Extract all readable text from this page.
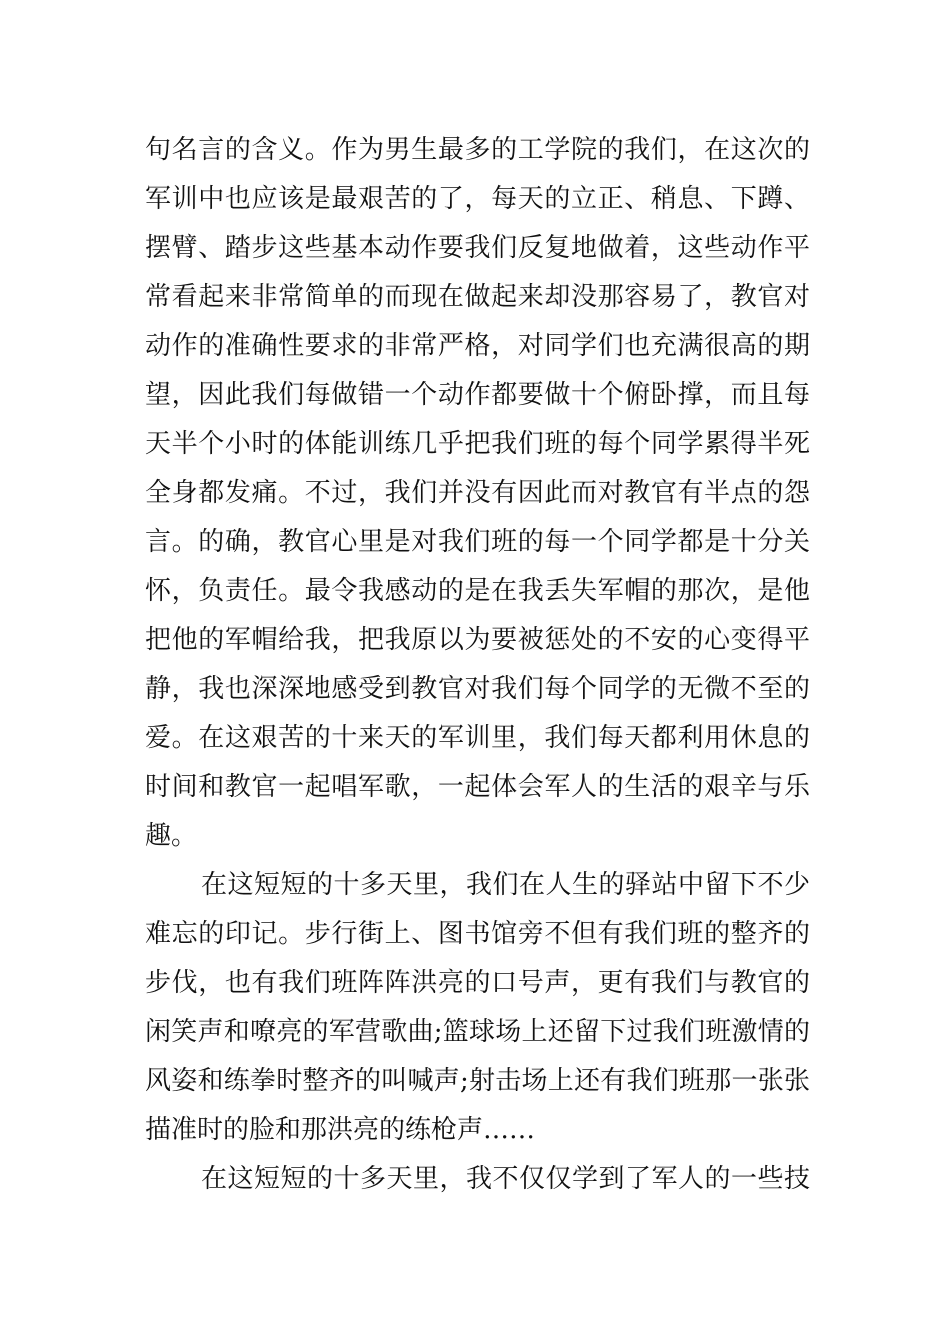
句名言的含义。作为男生最多的工学院的我们，在这次的
军训中也应该是最艰苦的了，每天的立正、稍息、下蹲、
摆臂、踏步这些基本动作要我们反复地做着，这些动作平
常看起来非常简单的而现在做起来却没那容易了，教官对
动作的准确性要求的非常严格，对同学们也充满很高的期
望，因此我们每做错一个动作都要做十个俯卧撑，而且每
天半个小时的体能训练几乎把我们班的每个同学累得半死
全身都发痛。不过，我们并没有因此而对教官有半点的怨
言。的确，教官心里是对我们班的每一个同学都是十分关
怀，负责任。最令我感动的是在我丢失军帽的那次，是他
把他的军帽给我，把我原以为要被惩处的不安的心变得平
静，我也深深地感受到教官对我们每个同学的无微不至的
爱。在这艰苦的十来天的军训里，我们每天都利用休息的
时间和教官一起唱军歌，一起体会军人的生活的艰辛与乐
趣。
在这短短的十多天里，我们在人生的驿站中留下不少
难忘的印记。步行街上、图书馆旁不但有我们班的整齐的
步伐，也有我们班阵阵洪亮的口号声，更有我们与教官的
闲笑声和嘹亮的军营歌曲;篮球场上还留下过我们班激情的
风姿和练拳时整齐的叫喊声;射击场上还有我们班那一张张
描准时的脸和那洪亮的练枪声……
在这短短的十多天里，我不仅仅学到了军人的一些技
